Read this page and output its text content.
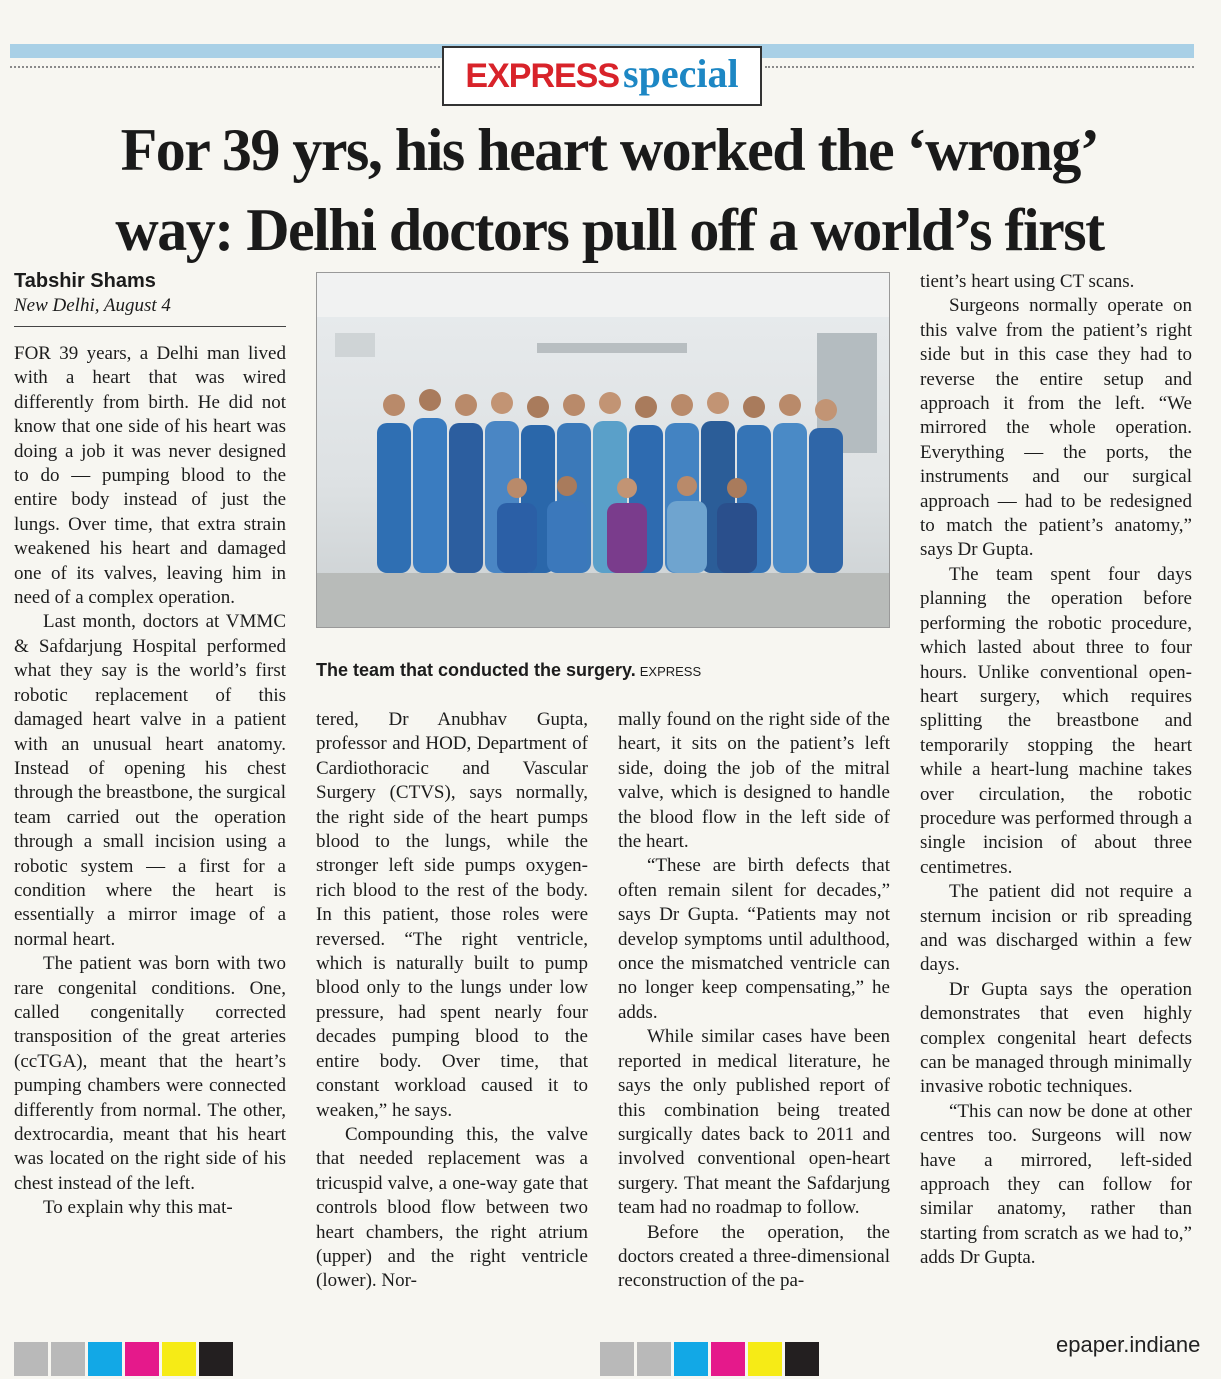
EXPRESS special
For 39 yrs, his heart worked the ‘wrong’
way: Delhi doctors pull off a world’s first
Tabshir Shams
New Delhi, August 4

FOR 39 years, a Delhi man lived with a heart that was wired differently from birth. He did not know that one side of his heart was doing a job it was never designed to do — pumping blood to the entire body instead of just the lungs. Over time, that extra strain weakened his heart and damaged one of its valves, leaving him in need of a complex operation.

Last month, doctors at VMMC & Safdarjung Hospital performed what they say is the world’s first robotic replacement of this damaged heart valve in a patient with an unusual heart anatomy. Instead of opening his chest through the breastbone, the surgical team carried out the operation through a small incision using a robotic system — a first for a condition where the heart is essentially a mirror image of a normal heart.

The patient was born with two rare congenital conditions. One, called congenitally corrected transposition of the great arteries (ccTGA), meant that the heart’s pumping chambers were connected differently from normal. The other, dextrocardia, meant that his heart was located on the right side of his chest instead of the left.

To explain why this mat-

The team that conducted the surgery. EXPRESS

tered, Dr Anubhav Gupta, professor and HOD, Department of Cardiothoracic and Vascular Surgery (CTVS), says normally, the right side of the heart pumps blood to the lungs, while the stronger left side pumps oxygen-rich blood to the rest of the body. In this patient, those roles were reversed. “The right ventricle, which is naturally built to pump blood only to the lungs under low pressure, had spent nearly four decades pumping blood to the entire body. Over time, that constant workload caused it to weaken,” he says.

Compounding this, the valve that needed replacement was a tricuspid valve, a one-way gate that controls blood flow between two heart chambers, the right atrium (upper) and the right ventricle (lower). Nor-

mally found on the right side of the heart, it sits on the patient’s left side, doing the job of the mitral valve, which is designed to handle the blood flow in the left side of the heart.

“These are birth defects that often remain silent for decades,” says Dr Gupta. “Patients may not develop symptoms until adulthood, once the mismatched ventricle can no longer keep compensating,” he adds.

While similar cases have been reported in medical literature, he says the only published report of this combination being treated surgically dates back to 2011 and involved conventional open-heart surgery. That meant the Safdarjung team had no roadmap to follow.

Before the operation, the doctors created a three-dimensional reconstruction of the pa-

tient’s heart using CT scans.

Surgeons normally operate on this valve from the patient’s right side but in this case they had to reverse the entire setup and approach it from the left. “We mirrored the whole operation. Everything — the ports, the instruments and our surgical approach — had to be redesigned to match the patient’s anatomy,” says Dr Gupta.

The team spent four days planning the operation before performing the robotic procedure, which lasted about three to four hours. Unlike conventional open-heart surgery, which requires splitting the breastbone and temporarily stopping the heart while a heart-lung machine takes over circulation, the robotic procedure was performed through a single incision of about three centimetres.

The patient did not require a sternum incision or rib spreading and was discharged within a few days.

Dr Gupta says the operation demonstrates that even highly complex congenital heart defects can be managed through minimally invasive robotic techniques.

“This can now be done at other centres too. Surgeons will now have a mirrored, left-sided approach they can follow for similar anatomy, rather than starting from scratch as we had to,” adds Dr Gupta.

epaper.indiane
